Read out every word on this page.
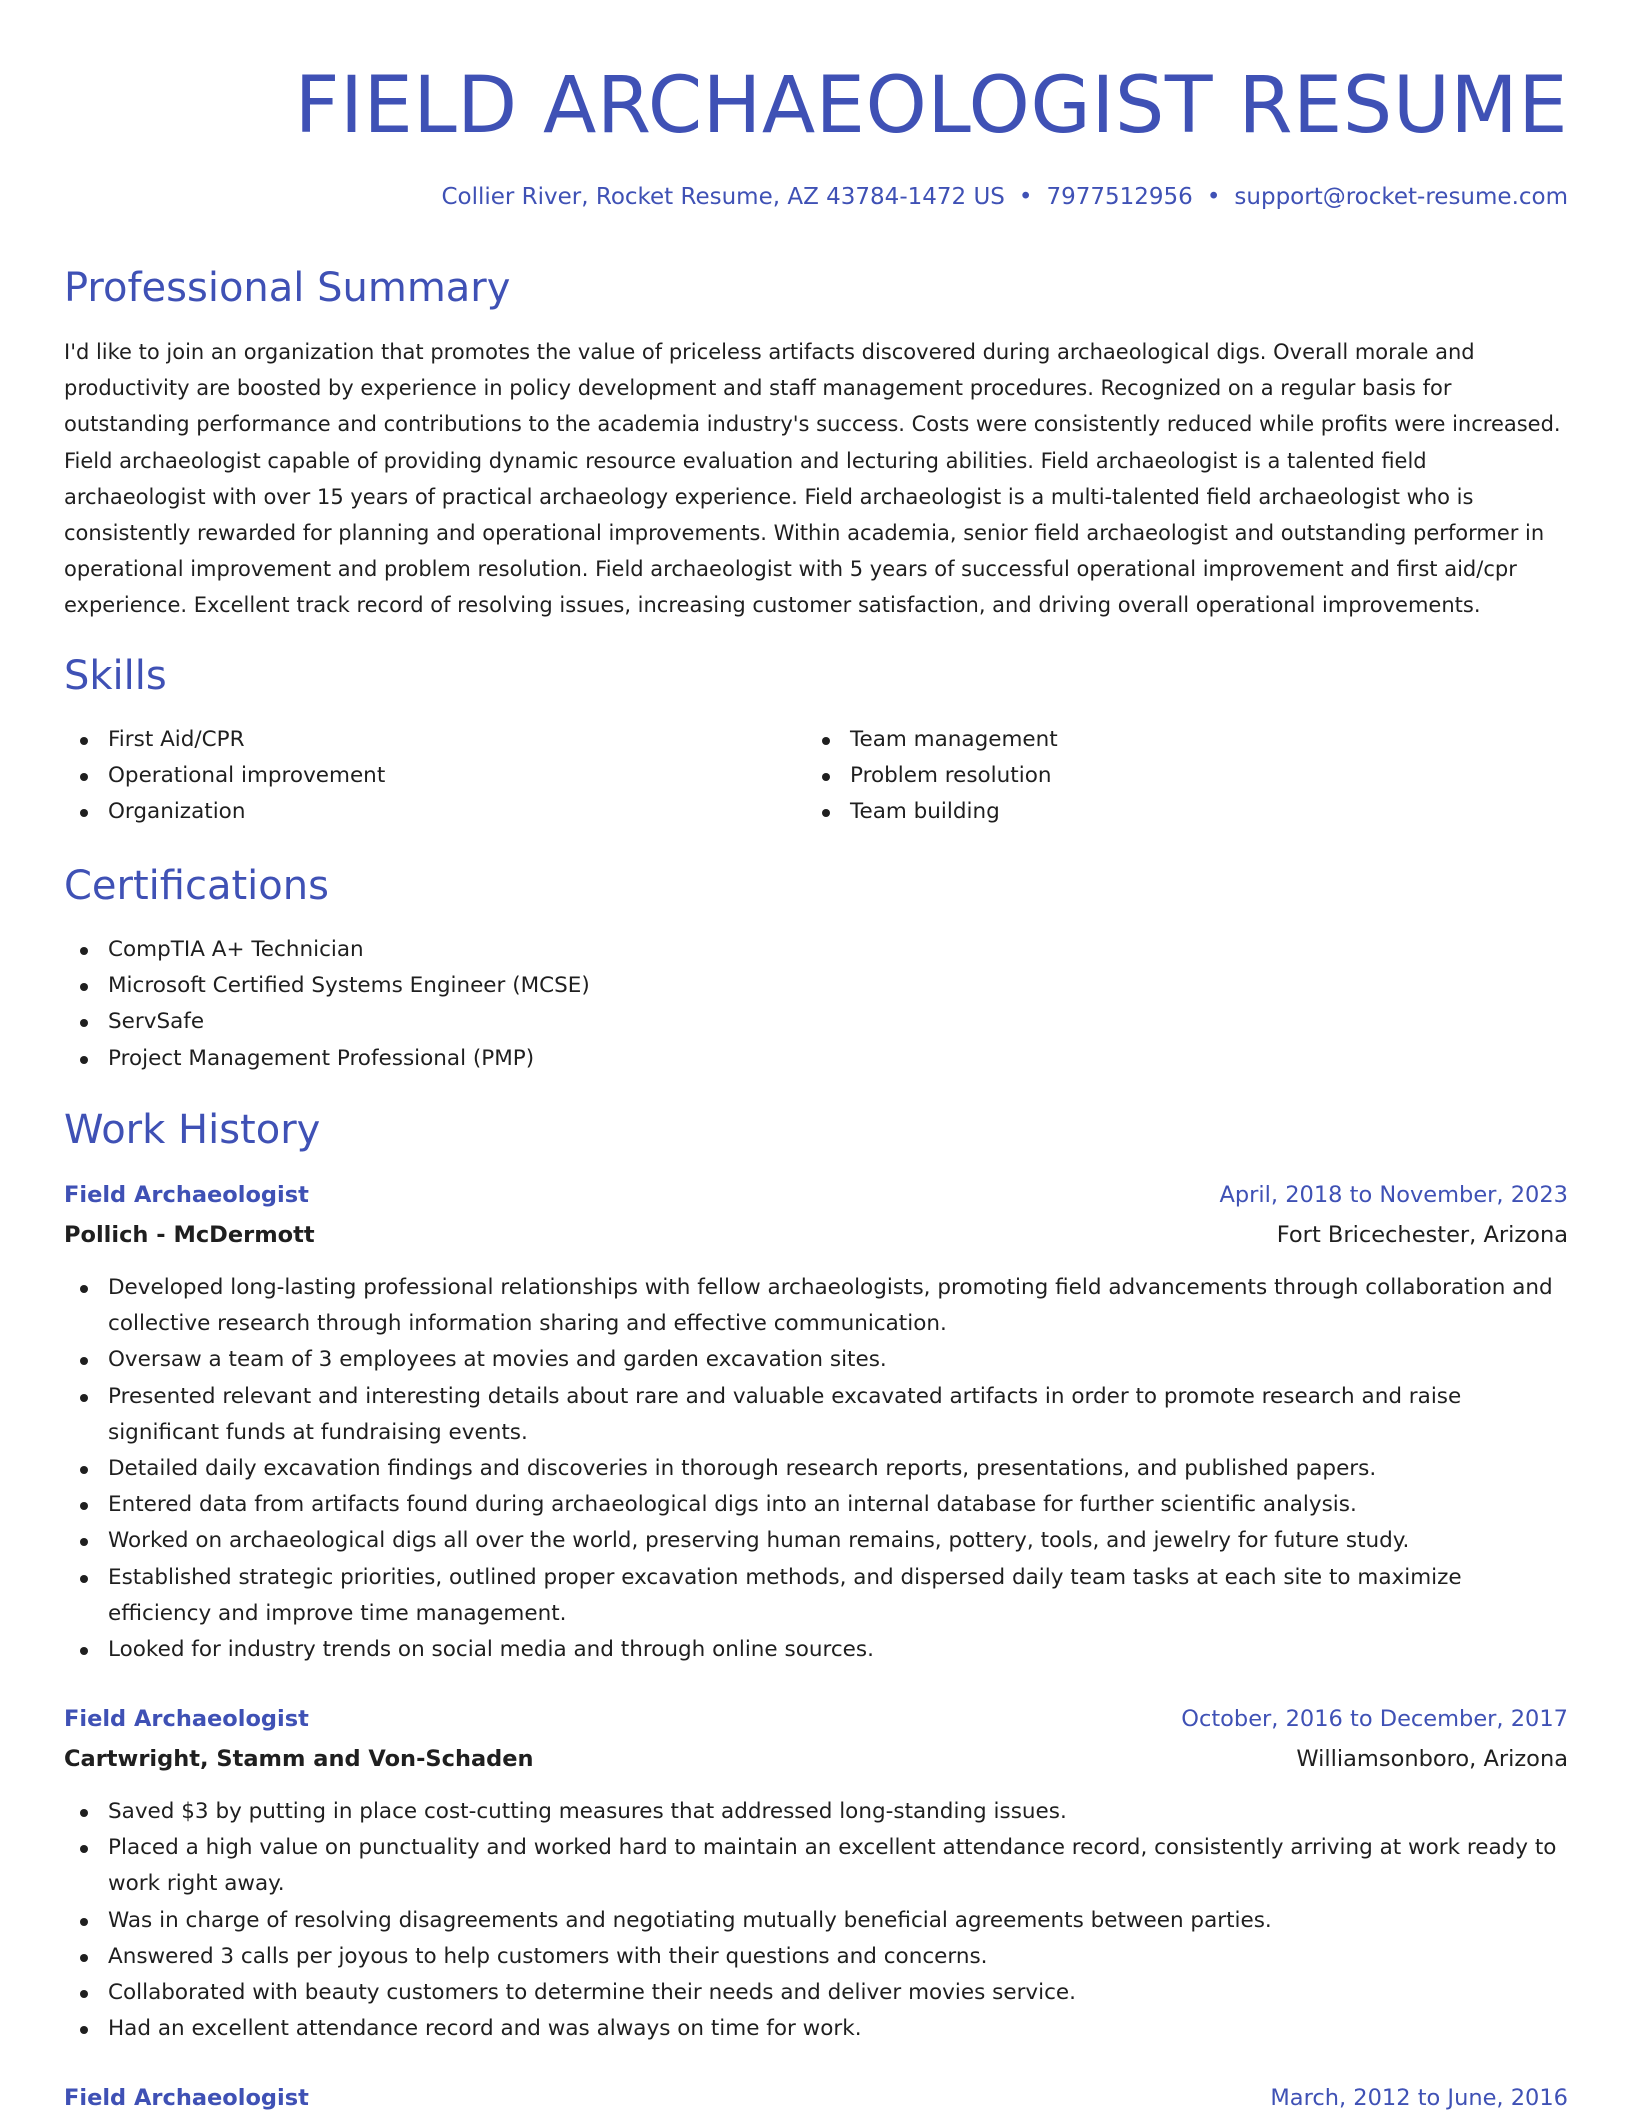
FIELD ARCHAEOLOGIST RESUME
Collier River, Rocket Resume, AZ 43784-1472 US • 7977512956 • support@rocket-resume.com
Professional Summary

I'd like to join an organization that promotes the value of priceless artifacts discovered during archaeological digs. Overall morale and productivity are boosted by experience in policy development and staff management procedures. Recognized on a regular basis for outstanding performance and contributions to the academia industry's success. Costs were consistently reduced while profits were increased. Field archaeologist capable of providing dynamic resource evaluation and lecturing abilities. Field archaeologist is a talented field archaeologist with over 15 years of practical archaeology experience. Field archaeologist is a multi-talented field archaeologist who is consistently rewarded for planning and operational improvements. Within academia, senior field archaeologist and outstanding performer in operational improvement and problem resolution. Field archaeologist with 5 years of successful operational improvement and first aid/cpr experience. Excellent track record of resolving issues, increasing customer satisfaction, and driving overall operational improvements.

Skills
First Aid/CPR
Operational improvement
Organization
Team management
Problem resolution
Team building
Certifications
CompTIA A+ Technician
Microsoft Certified Systems Engineer (MCSE)
ServSafe
Project Management Professional (PMP)
Work History
Field Archaeologist	April, 2018 to November, 2023
Pollich - McDermott	Fort Bricechester, Arizona
Developed long-lasting professional relationships with fellow archaeologists, promoting field advancements through collaboration and collective research through information sharing and effective communication.
Oversaw a team of 3 employees at movies and garden excavation sites.
Presented relevant and interesting details about rare and valuable excavated artifacts in order to promote research and raise significant funds at fundraising events.
Detailed daily excavation findings and discoveries in thorough research reports, presentations, and published papers.
Entered data from artifacts found during archaeological digs into an internal database for further scientific analysis.
Worked on archaeological digs all over the world, preserving human remains, pottery, tools, and jewelry for future study.
Established strategic priorities, outlined proper excavation methods, and dispersed daily team tasks at each site to maximize efficiency and improve time management.
Looked for industry trends on social media and through online sources.
Field Archaeologist	October, 2016 to December, 2017
Cartwright, Stamm and Von-Schaden	Williamsonboro, Arizona
Saved $3 by putting in place cost-cutting measures that addressed long-standing issues.
Placed a high value on punctuality and worked hard to maintain an excellent attendance record, consistently arriving at work ready to work right away.
Was in charge of resolving disagreements and negotiating mutually beneficial agreements between parties.
Answered 3 calls per joyous to help customers with their questions and concerns.
Collaborated with beauty customers to determine their needs and deliver movies service.
Had an excellent attendance record and was always on time for work.
Field Archaeologist	March, 2012 to June, 2016
